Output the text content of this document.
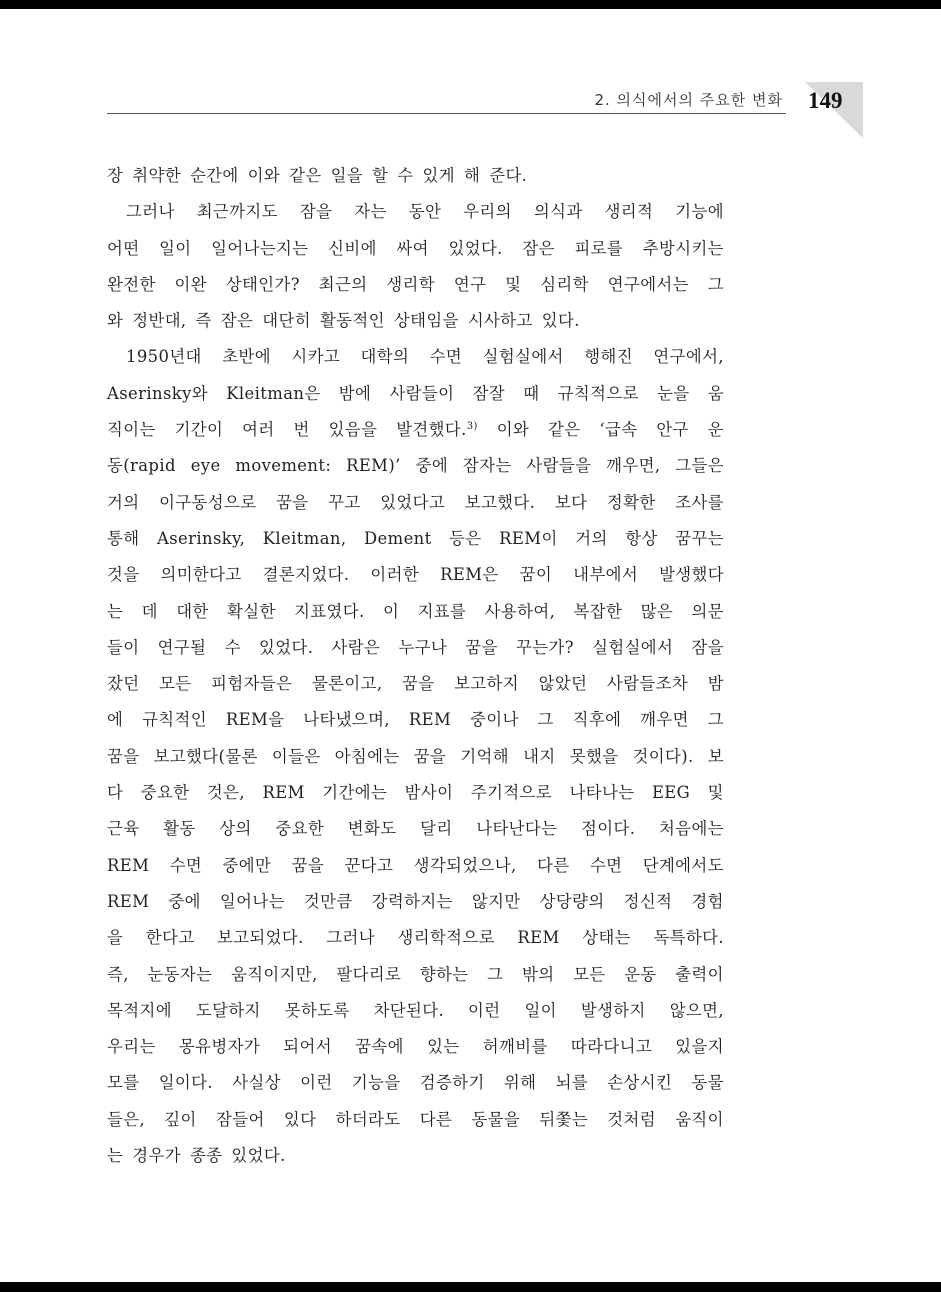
2. 의식에서의 주요한 변화 149
장 취약한 순간에 이와 같은 일을 할 수 있게 해 준다.
그러나 최근까지도 잠을 자는 동안 우리의 의식과 생리적 기능에
어떤 일이 일어나는지는 신비에 싸여 있었다. 잠은 피로를 추방시키는
완전한 이완 상태인가? 최근의 생리학 연구 및 심리학 연구에서는 그
와 정반대, 즉 잠은 대단히 활동적인 상태임을 시사하고 있다.
1950년대 초반에 시카고 대학의 수면 실험실에서 행해진 연구에서,
Aserinsky와 Kleitman은 밤에 사람들이 잠잘 때 규칙적으로 눈을 움
직이는 기간이 여러 번 있음을 발견했다.$^{3)}$ 이와 같은 ‘급속 안구 운
동(rapid eye movement: REM)’ 중에 잠자는 사람들을 깨우면, 그들은
거의 이구동성으로 꿈을 꾸고 있었다고 보고했다. 보다 정확한 조사를
통해 Aserinsky, Kleitman, Dement 등은 REM이 거의 항상 꿈꾸는
것을 의미한다고 결론지었다. 이러한 REM은 꿈이 내부에서 발생했다
는 데 대한 확실한 지표였다. 이 지표를 사용하여, 복잡한 많은 의문
들이 연구될 수 있었다. 사람은 누구나 꿈을 꾸는가? 실험실에서 잠을
잤던 모든 피험자들은 물론이고, 꿈을 보고하지 않았던 사람들조차 밤
에 규칙적인 REM을 나타냈으며, REM 중이나 그 직후에 깨우면 그
꿈을 보고했다(물론 이들은 아침에는 꿈을 기억해 내지 못했을 것이다). 보
다 중요한 것은, REM 기간에는 밤사이 주기적으로 나타나는 EEG 및
근육 활동 상의 중요한 변화도 달리 나타난다는 점이다. 처음에는
REM 수면 중에만 꿈을 꾼다고 생각되었으나, 다른 수면 단계에서도
REM 중에 일어나는 것만큼 강력하지는 않지만 상당량의 정신적 경험
을 한다고 보고되었다. 그러나 생리학적으로 REM 상태는 독특하다.
즉, 눈동자는 움직이지만, 팔다리로 향하는 그 밖의 모든 운동 출력이
목적지에 도달하지 못하도록 차단된다. 이런 일이 발생하지 않으면,
우리는 몽유병자가 되어서 꿈속에 있는 허깨비를 따라다니고 있을지
모를 일이다. 사실상 이런 기능을 검증하기 위해 뇌를 손상시킨 동물
들은, 깊이 잠들어 있다 하더라도 다른 동물을 뒤쫓는 것처럼 움직이
는 경우가 종종 있었다.
